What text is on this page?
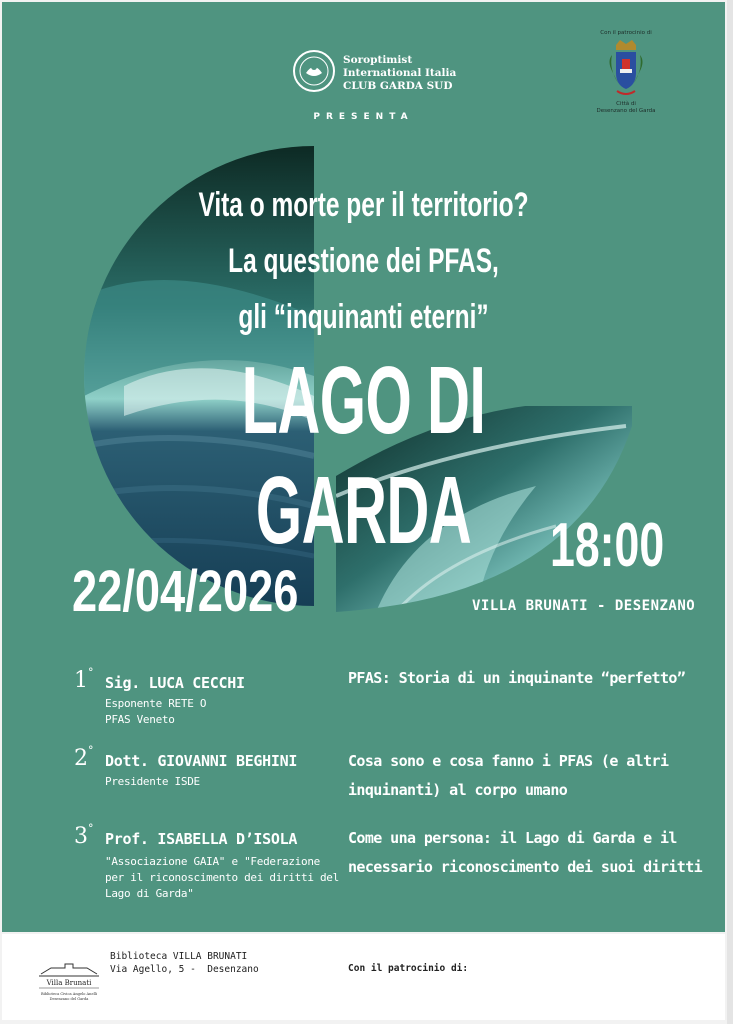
Soroptimist
International Italia
CLUB GARDA SUD
PRESENTA
Con il patrocinio di
Città di
Desenzano del Garda
Vita o morte per il territorio?
La questione dei PFAS,
gli “inquinanti eterni”
LAGO DI GARDA
22/04/2026
18:00
VILLA BRUNATI - DESENZANO
1°
Sig. LUCA CECCHI
Esponente RETE O
PFAS Veneto
PFAS: Storia di un inquinante “perfetto”
2°
Dott. GIOVANNI BEGHINI
Presidente ISDE
Cosa sono e cosa fanno i PFAS (e altri
inquinanti) al corpo umano
3°
Prof. ISABELLA D’ISOLA
"Associazione GAIA" e "Federazione
per il riconoscimento dei diritti del
Lago di Garda"
Come una persona: il Lago di Garda e il
necessario riconoscimento dei suoi diritti
Villa Brunati
Biblioteca Civica Angelo Anelli
Desenzano del Garda
Biblioteca VILLA BRUNATI
Via Agello, 5 -  Desenzano	Con il patrocinio di:
